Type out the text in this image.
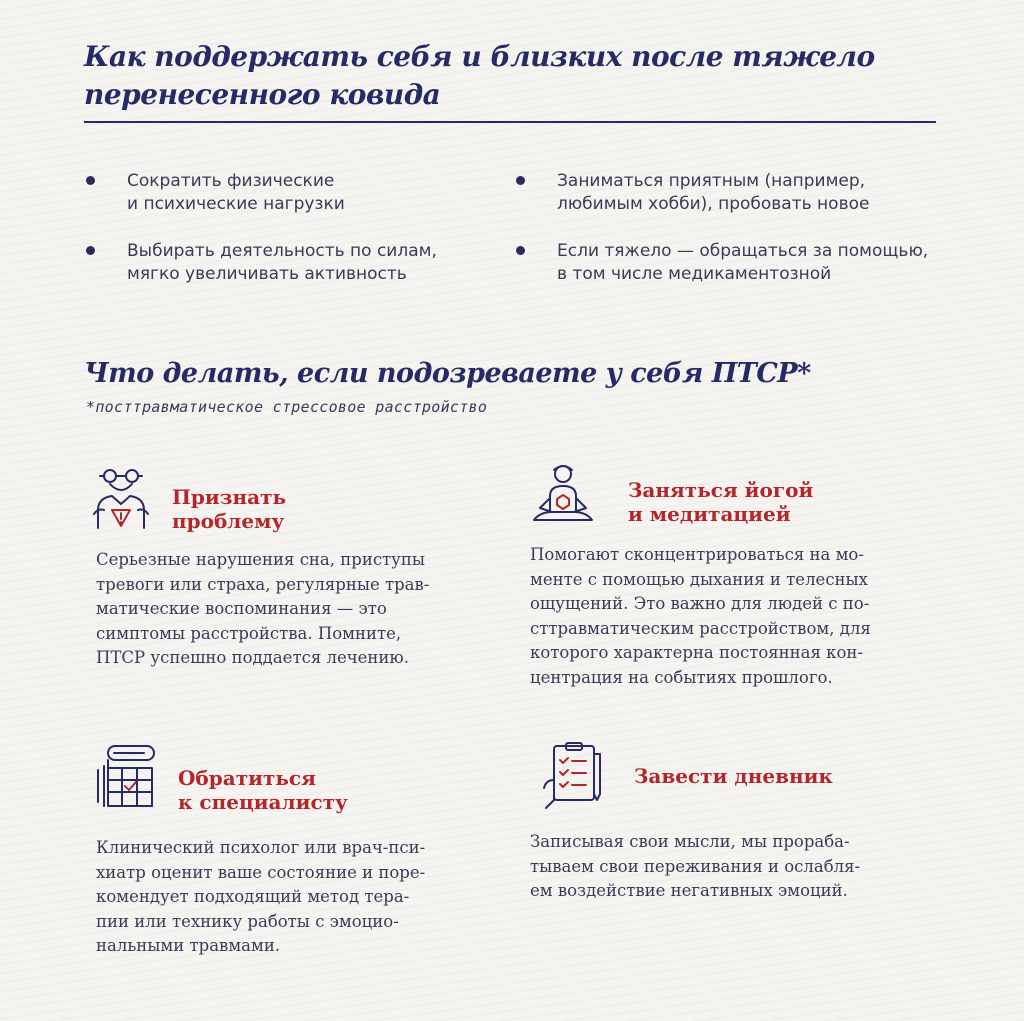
Как поддержать себя и близких после тяжело перенесенного ковида
Сократить физические
и психические нагрузки
Заниматься приятным (например,
любимым хобби), пробовать новое
Выбирать деятельность по силам,
мягко увеличивать активность
Если тяжело — обращаться за помощью,
в том числе медикаментозной
Что делать, если подозреваете у себя ПТСР*
*посттравматическое стрессовое расстройство
Признать
проблему
Серьезные нарушения сна, приступы
тревоги или страха, регулярные трав-
матические воспоминания — это
симптомы расстройства. Помните,
ПТСР успешно поддается лечению.
Заняться йогой
и медитацией
Помогают сконцентрироваться на мо-
менте с помощью дыхания и телесных
ощущений. Это важно для людей с по-
сттравматическим расстройством, для
которого характерна постоянная кон-
центрация на событиях прошлого.
Обратиться
к специалисту
Клинический психолог или врач-пси-
хиатр оценит ваше состояние и поре-
комендует подходящий метод тера-
пии или технику работы с эмоцио-
нальными травмами.
Завести дневник
Записывая свои мысли, мы прораба-
тываем свои переживания и ослабля-
ем воздействие негативных эмоций.
